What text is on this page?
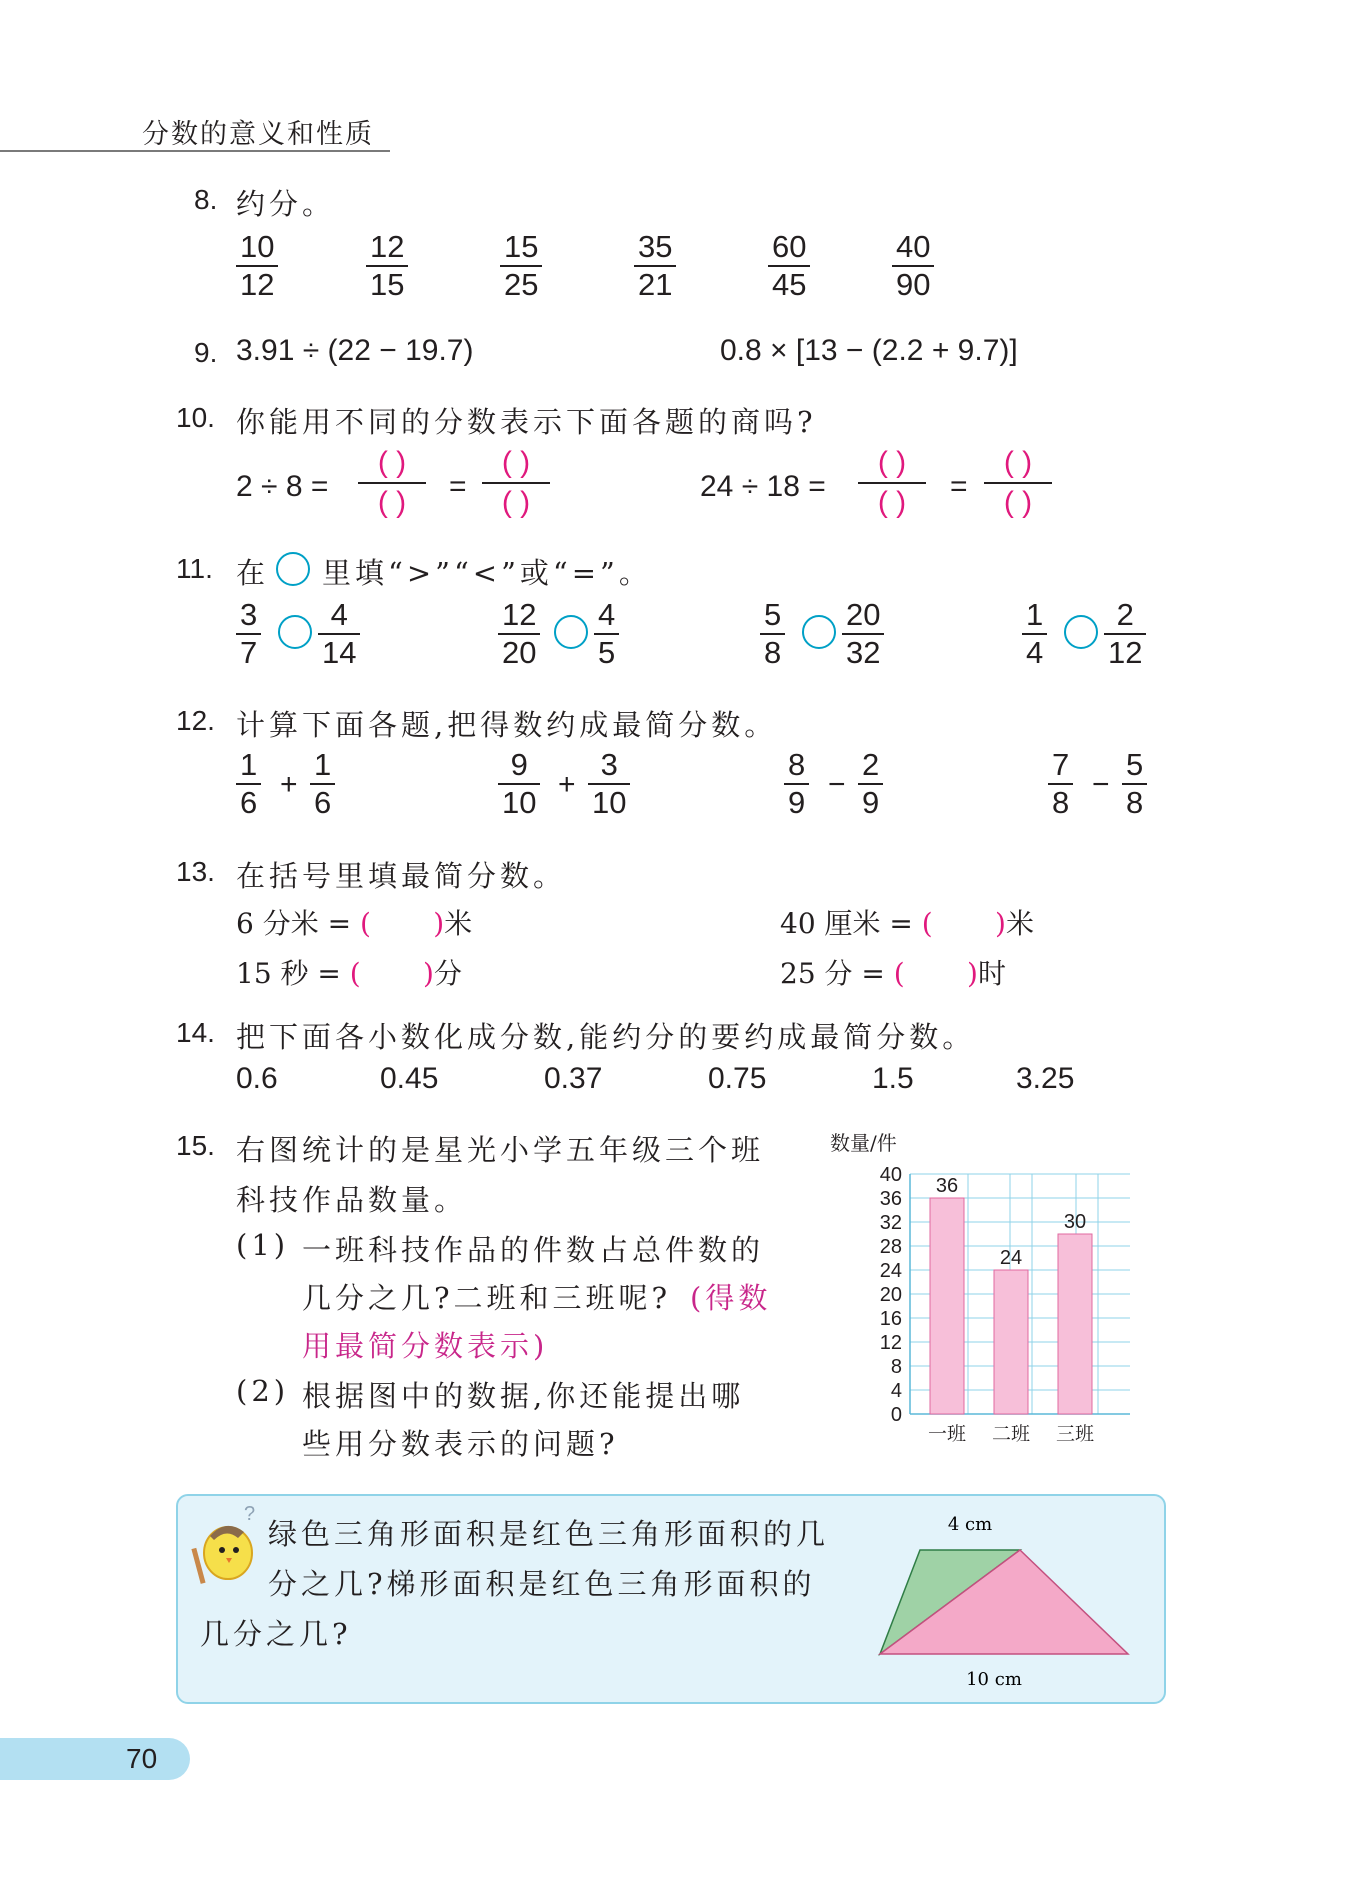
分数的意义和性质
8. 约分。
10
12
12
15
15
25
35
21
60
45
40
90
9. 3.91 ÷ (22 − 19.7)	0.8 × [13 − (2.2 + 9.7)]
10. 你能用不同的分数表示下面各题的商吗?
2 ÷ 8 =
( )
( ) =
( )
( )	24 ÷ 18 =
( )
( ) =
( )
( )
11. 在 里填“>”“<”或“=”。
3
7
4
14
12
20
4
5
5
8
20
32
1
4
2
12
12. 计算下面各题,把得数约成最简分数。
1
6
+
1
6
9
10
+
3
10
8
9
−
2
9
7
8
−
5
8
13. 在括号里填最简分数。
6 分米 = (       )米	40 厘米 = (       )米
15 秒 = (       )分	25 分 = (       )时
14. 把下面各小数化成分数,能约分的要约成最简分数。
0.6	0.45	0.37	0.75	1.5	3.25
15. 右图统计的是星光小学五年级三个班
科技作品数量。
(1) 一班科技作品的件数占总件数的
几分之几?二班和三班呢? (得数
用最简分数表示)
(2) 根据图中的数据,你还能提出哪
些用分数表示的问题?
0
4
8
12
16
20
24
28
32
36
40
数量/件
36
一班
24
二班
30
三班
?
绿色三角形面积是红色三角形面积的几
分之几?梯形面积是红色三角形面积的
几分之几?
4 cm
10 cm
70
